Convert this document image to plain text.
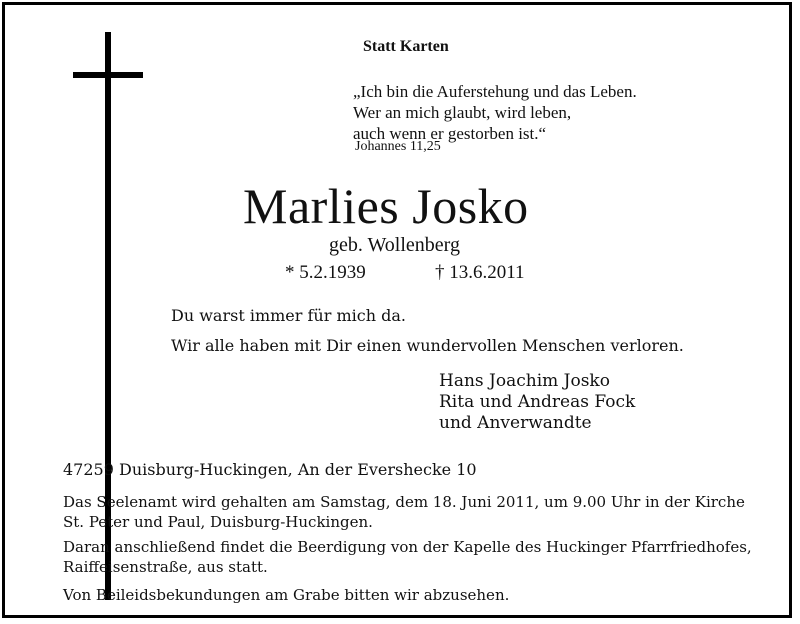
Statt Karten
„Ich bin die Auferstehung und das Leben.
Wer an mich glaubt, wird leben,
auch wenn er gestorben ist.“
Johannes 11,25
Marlies Josko
geb. Wollenberg
* 5.2.1939	† 13.6.2011
Du warst immer für mich da.
Wir alle haben mit Dir einen wundervollen Menschen verloren.
Hans Joachim Josko
Rita und Andreas Fock
und Anverwandte
47259 Duisburg-Huckingen, An der Evershecke 10
Das Seelenamt wird gehalten am Samstag, dem 18. Juni 2011, um 9.00 Uhr in der Kirche St. Peter und Paul, Duisburg-Huckingen.
Daran anschließend findet die Beerdigung von der Kapelle des Huckinger Pfarrfriedhofes, Raiffeisenstraße, aus statt.
Von Beileidsbekundungen am Grabe bitten wir abzusehen.
